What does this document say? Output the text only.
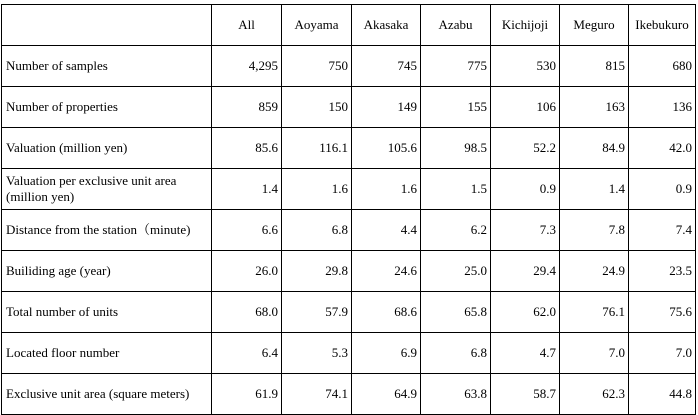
	All	Aoyama	Akasaka	Azabu	Kichijoji	Meguro	Ikebukuro
Number of samples	4,295	750	745	775	530	815	680
Number of properties	859	150	149	155	106	163	136
Valuation (million yen)	85.6	116.1	105.6	98.5	52.2	84.9	42.0
Valuation per exclusive unit area (million yen)	1.4	1.6	1.6	1.5	0.9	1.4	0.9
Distance from the station（minute)	6.6	6.8	4.4	6.2	7.3	7.8	7.4
Builiding age (year)	26.0	29.8	24.6	25.0	29.4	24.9	23.5
Total number of units	68.0	57.9	68.6	65.8	62.0	76.1	75.6
Located floor number	6.4	5.3	6.9	6.8	4.7	7.0	7.0
Exclusive unit area (square meters)	61.9	74.1	64.9	63.8	58.7	62.3	44.8
